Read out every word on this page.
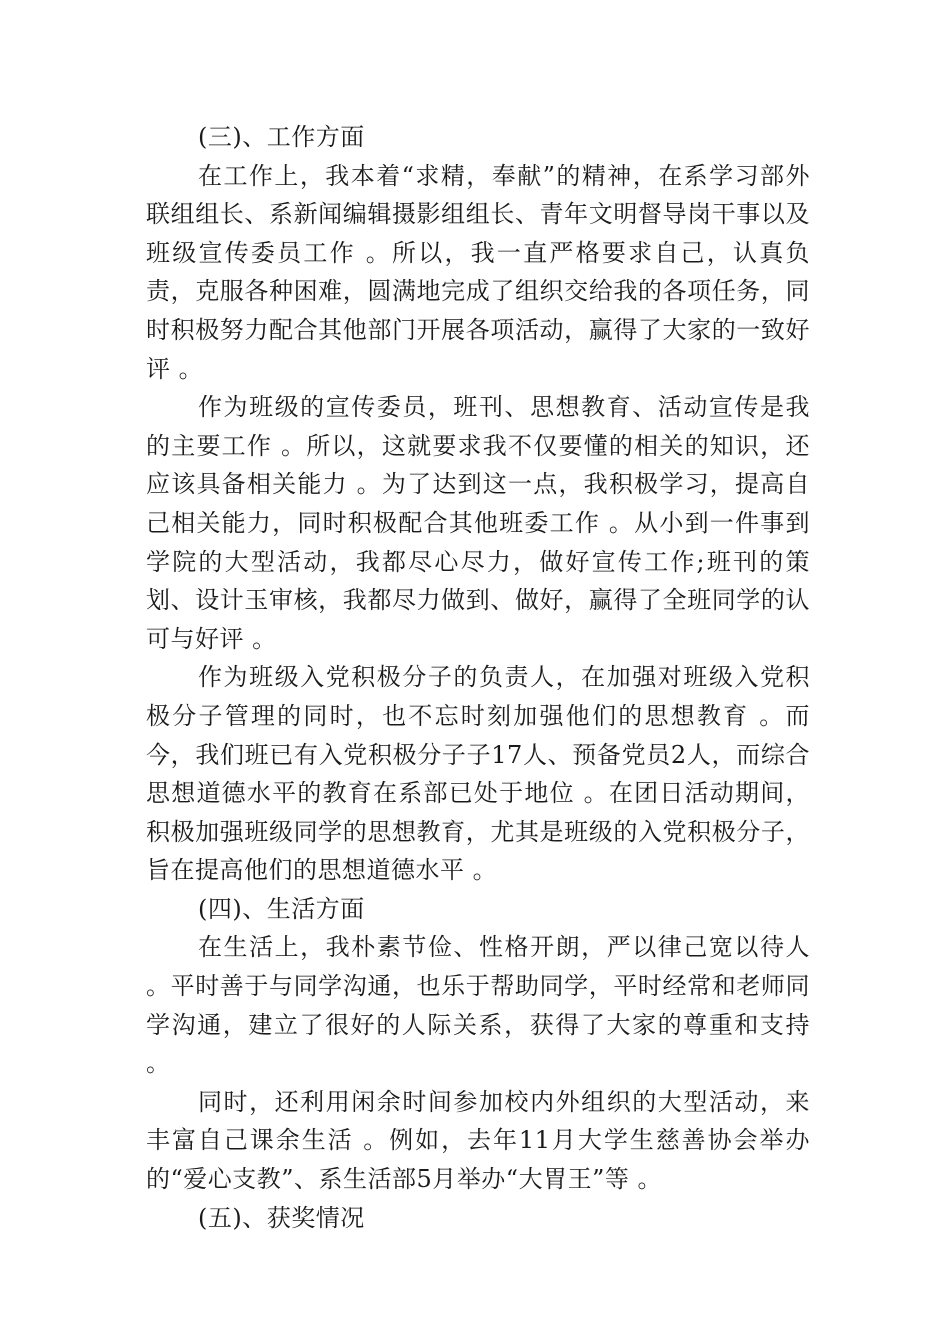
(三)、工作方面

在工作上，我本着“求精，奉献”的精神，在系学习部外联组组长、系新闻编辑摄影组组长、青年文明督导岗干事以及班级宣传委员工作 。所以，我一直严格要求自己，认真负责，克服各种困难，圆满地完成了组织交给我的各项任务，同时积极努力配合其他部门开展各项活动，赢得了大家的一致好评 。

作为班级的宣传委员，班刊、思想教育、活动宣传是我的主要工作 。所以，这就要求我不仅要懂的相关的知识，还应该具备相关能力 。为了达到这一点，我积极学习，提高自己相关能力，同时积极配合其他班委工作 。从小到一件事到学院的大型活动，我都尽心尽力，做好宣传工作;班刊的策划、设计玉审核，我都尽力做到、做好，赢得了全班同学的认可与好评 。

作为班级入党积极分子的负责人，在加强对班级入党积极分子管理的同时，也不忘时刻加强他们的思想教育 。而今，我们班已有入党积极分子子17人、预备党员2人，而综合思想道德水平的教育在系部已处于地位 。在团日活动期间，积极加强班级同学的思想教育，尤其是班级的入党积极分子，旨在提高他们的思想道德水平 。

(四)、生活方面

在生活上，我朴素节俭、性格开朗，严以律己宽以待人 。平时善于与同学沟通，也乐于帮助同学，平时经常和老师同学沟通，建立了很好的人际关系，获得了大家的尊重和支持 。

同时，还利用闲余时间参加校内外组织的大型活动，来丰富自己课余生活 。例如，去年11月大学生慈善协会举办的“爱心支教”、系生活部5月举办“大胃王”等 。

(五)、获奖情况
